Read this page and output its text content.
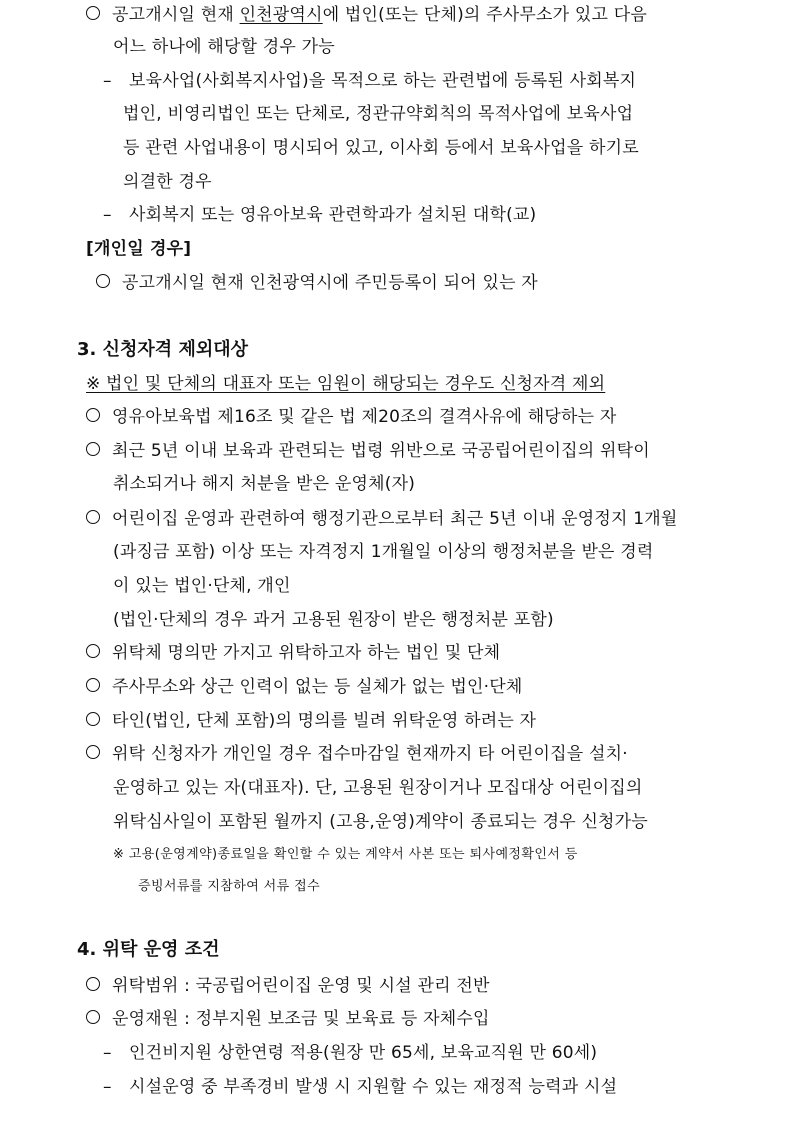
공고개시일 현재 인천광역시에 법인(또는 단체)의 주사무소가 있고 다음
어느 하나에 해당할 경우 가능
– 보육사업(사회복지사업)을 목적으로 하는 관련법에 등록된 사회복지
법인, 비영리법인 또는 단체로, 정관규약회칙의 목적사업에 보육사업
등 관련 사업내용이 명시되어 있고, 이사회 등에서 보육사업을 하기로
의결한 경우
– 사회복지 또는 영유아보육 관련학과가 설치된 대학(교)
[개인일 경우]
공고개시일 현재 인천광역시에 주민등록이 되어 있는 자
3. 신청자격 제외대상
※ 법인 및 단체의 대표자 또는 임원이 해당되는 경우도 신청자격 제외
영유아보육법 제16조 및 같은 법 제20조의 결격사유에 해당하는 자
최근 5년 이내 보육과 관련되는 법령 위반으로 국공립어린이집의 위탁이
취소되거나 해지 처분을 받은 운영체(자)
어린이집 운영과 관련하여 행정기관으로부터 최근 5년 이내 운영정지 1개월
(과징금 포함) 이상 또는 자격정지 1개월일 이상의 행정처분을 받은 경력
이 있는 법인·단체, 개인
(법인·단체의 경우 과거 고용된 원장이 받은 행정처분 포함)
위탁체 명의만 가지고 위탁하고자 하는 법인 및 단체
주사무소와 상근 인력이 없는 등 실체가 없는 법인·단체
타인(법인, 단체 포함)의 명의를 빌려 위탁운영 하려는 자
위탁 신청자가 개인일 경우 접수마감일 현재까지 타 어린이집을 설치·
운영하고 있는 자(대표자). 단, 고용된 원장이거나 모집대상 어린이집의
위탁심사일이 포함된 월까지 (고용,운영)계약이 종료되는 경우 신청가능
※ 고용(운영계약)종료일을 확인할 수 있는 계약서 사본 또는 퇴사예정확인서 등
증빙서류를 지참하여 서류 접수
4. 위탁 운영 조건
위탁범위 : 국공립어린이집 운영 및 시설 관리 전반
운영재원 : 정부지원 보조금 및 보육료 등 자체수입
– 인건비지원 상한연령 적용(원장 만 65세, 보육교직원 만 60세)
– 시설운영 중 부족경비 발생 시 지원할 수 있는 재정적 능력과 시설
